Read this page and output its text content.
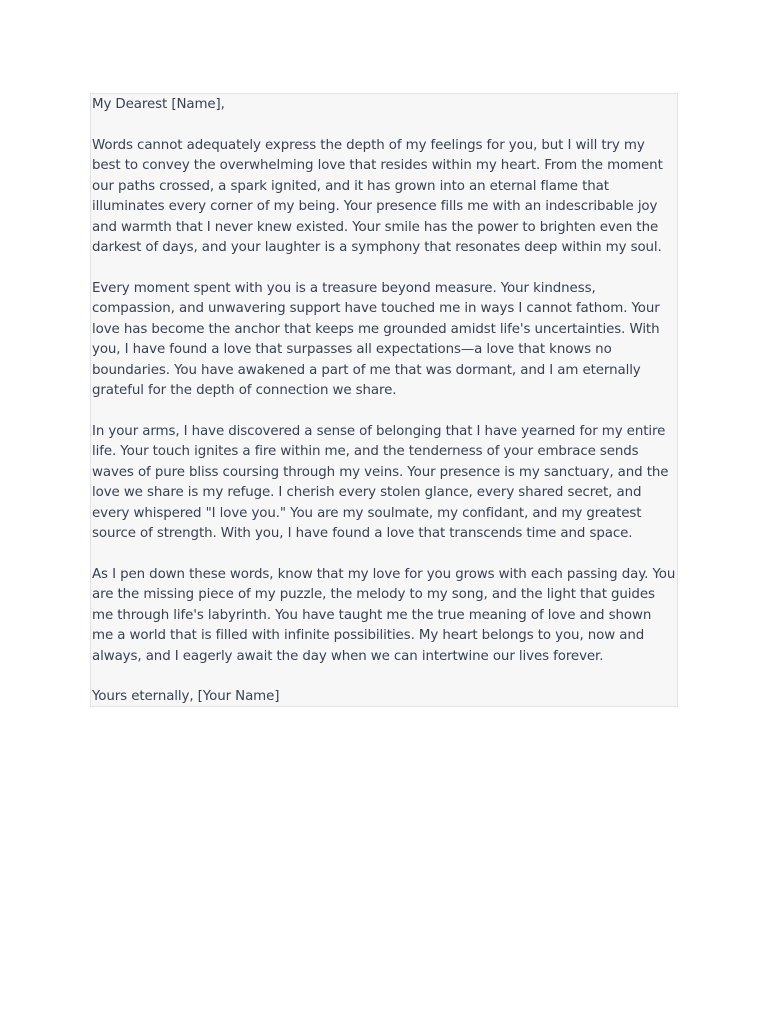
My Dearest [Name],

Words cannot adequately express the depth of my feelings for you, but I will try my best to convey the overwhelming love that resides within my heart. From the moment our paths crossed, a spark ignited, and it has grown into an eternal flame that illuminates every corner of my being. Your presence fills me with an indescribable joy and warmth that I never knew existed. Your smile has the power to brighten even the darkest of days, and your laughter is a symphony that resonates deep within my soul.

Every moment spent with you is a treasure beyond measure. Your kindness, compassion, and unwavering support have touched me in ways I cannot fathom. Your love has become the anchor that keeps me grounded amidst life's uncertainties. With you, I have found a love that surpasses all expectations—a love that knows no boundaries. You have awakened a part of me that was dormant, and I am eternally grateful for the depth of connection we share.

In your arms, I have discovered a sense of belonging that I have yearned for my entire life. Your touch ignites a fire within me, and the tenderness of your embrace sends waves of pure bliss coursing through my veins. Your presence is my sanctuary, and the love we share is my refuge. I cherish every stolen glance, every shared secret, and every whispered "I love you." You are my soulmate, my confidant, and my greatest source of strength. With you, I have found a love that transcends time and space.

As I pen down these words, know that my love for you grows with each passing day. You are the missing piece of my puzzle, the melody to my song, and the light that guides me through life's labyrinth. You have taught me the true meaning of love and shown me a world that is filled with infinite possibilities. My heart belongs to you, now and always, and I eagerly await the day when we can intertwine our lives forever.

Yours eternally, [Your Name]
